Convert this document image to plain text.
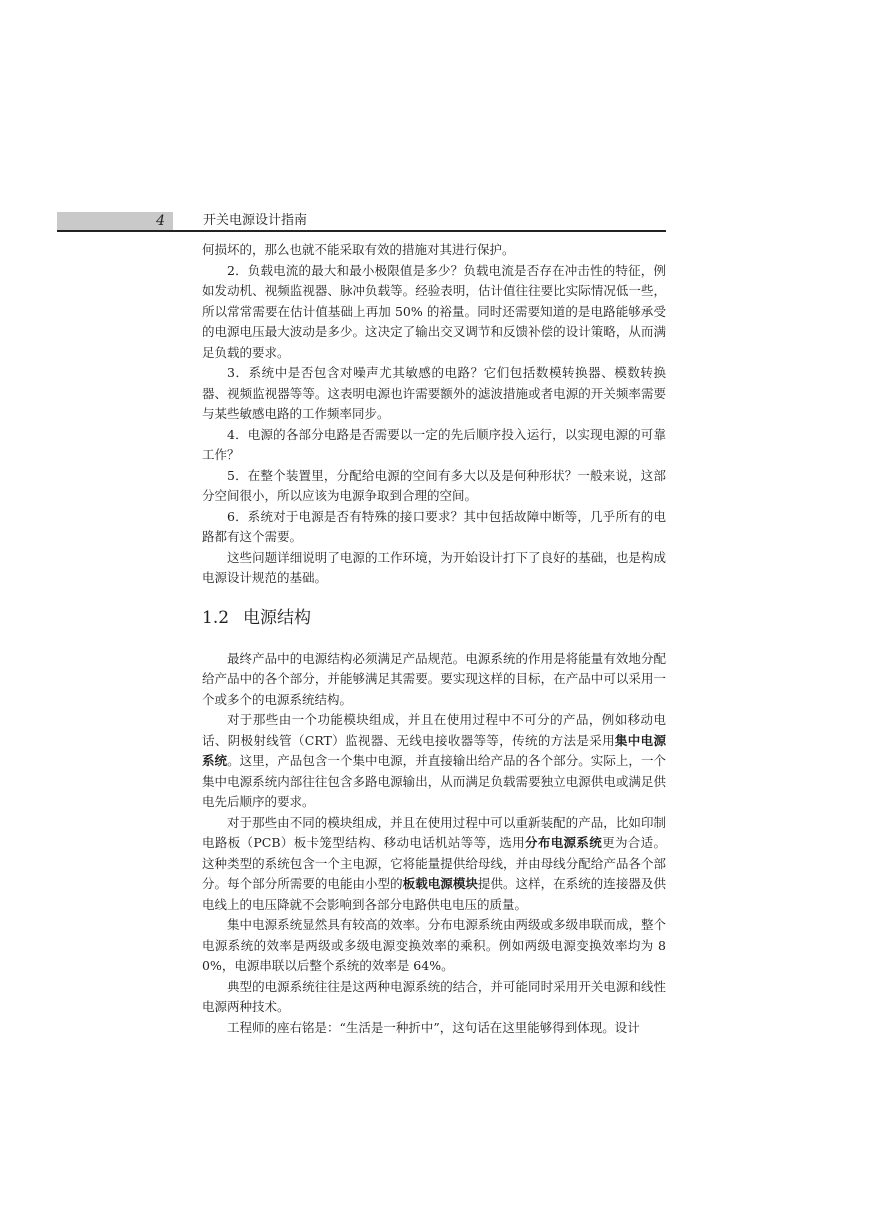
4	开关电源设计指南

何损坏的，那么也就不能采取有效的措施对其进行保护。

2．负载电流的最大和最小极限值是多少？负载电流是否存在冲击性的特征，例如发动机、视频监视器、脉冲负载等。经验表明，估计值往往要比实际情况低一些，所以常常需要在估计值基础上再加 50% 的裕量。同时还需要知道的是电路能够承受的电源电压最大波动是多少。这决定了输出交叉调节和反馈补偿的设计策略，从而满足负载的要求。

3．系统中是否包含对噪声尤其敏感的电路？它们包括数模转换器、模数转换器、视频监视器等等。这表明电源也许需要额外的滤波措施或者电源的开关频率需要与某些敏感电路的工作频率同步。

4．电源的各部分电路是否需要以一定的先后顺序投入运行，以实现电源的可靠工作？

5．在整个装置里，分配给电源的空间有多大以及是何种形状？一般来说，这部分空间很小，所以应该为电源争取到合理的空间。

6．系统对于电源是否有特殊的接口要求？其中包括故障中断等，几乎所有的电路都有这个需要。

这些问题详细说明了电源的工作环境，为开始设计打下了良好的基础，也是构成电源设计规范的基础。

1.2 电源结构

最终产品中的电源结构必须满足产品规范。电源系统的作用是将能量有效地分配给产品中的各个部分，并能够满足其需要。要实现这样的目标，在产品中可以采用一个或多个的电源系统结构。

对于那些由一个功能模块组成，并且在使用过程中不可分的产品，例如移动电话、阴极射线管（CRT）监视器、无线电接收器等等，传统的方法是采用集中电源系统。这里，产品包含一个集中电源，并直接输出给产品的各个部分。实际上，一个集中电源系统内部往往包含多路电源输出，从而满足负载需要独立电源供电或满足供电先后顺序的要求。

对于那些由不同的模块组成，并且在使用过程中可以重新装配的产品，比如印制电路板（PCB）板卡笼型结构、移动电话机站等等，选用分布电源系统更为合适。这种类型的系统包含一个主电源，它将能量提供给母线，并由母线分配给产品各个部分。每个部分所需要的电能由小型的板载电源模块提供。这样，在系统的连接器及供电线上的电压降就不会影响到各部分电路供电电压的质量。

集中电源系统显然具有较高的效率。分布电源系统由两级或多级串联而成，整个电源系统的效率是两级或多级电源变换效率的乘积。例如两级电源变换效率均为 80%，电源串联以后整个系统的效率是 64%。

典型的电源系统往往是这两种电源系统的结合，并可能同时采用开关电源和线性电源两种技术。

工程师的座右铭是：“生活是一种折中”，这句话在这里能够得到体现。设计
